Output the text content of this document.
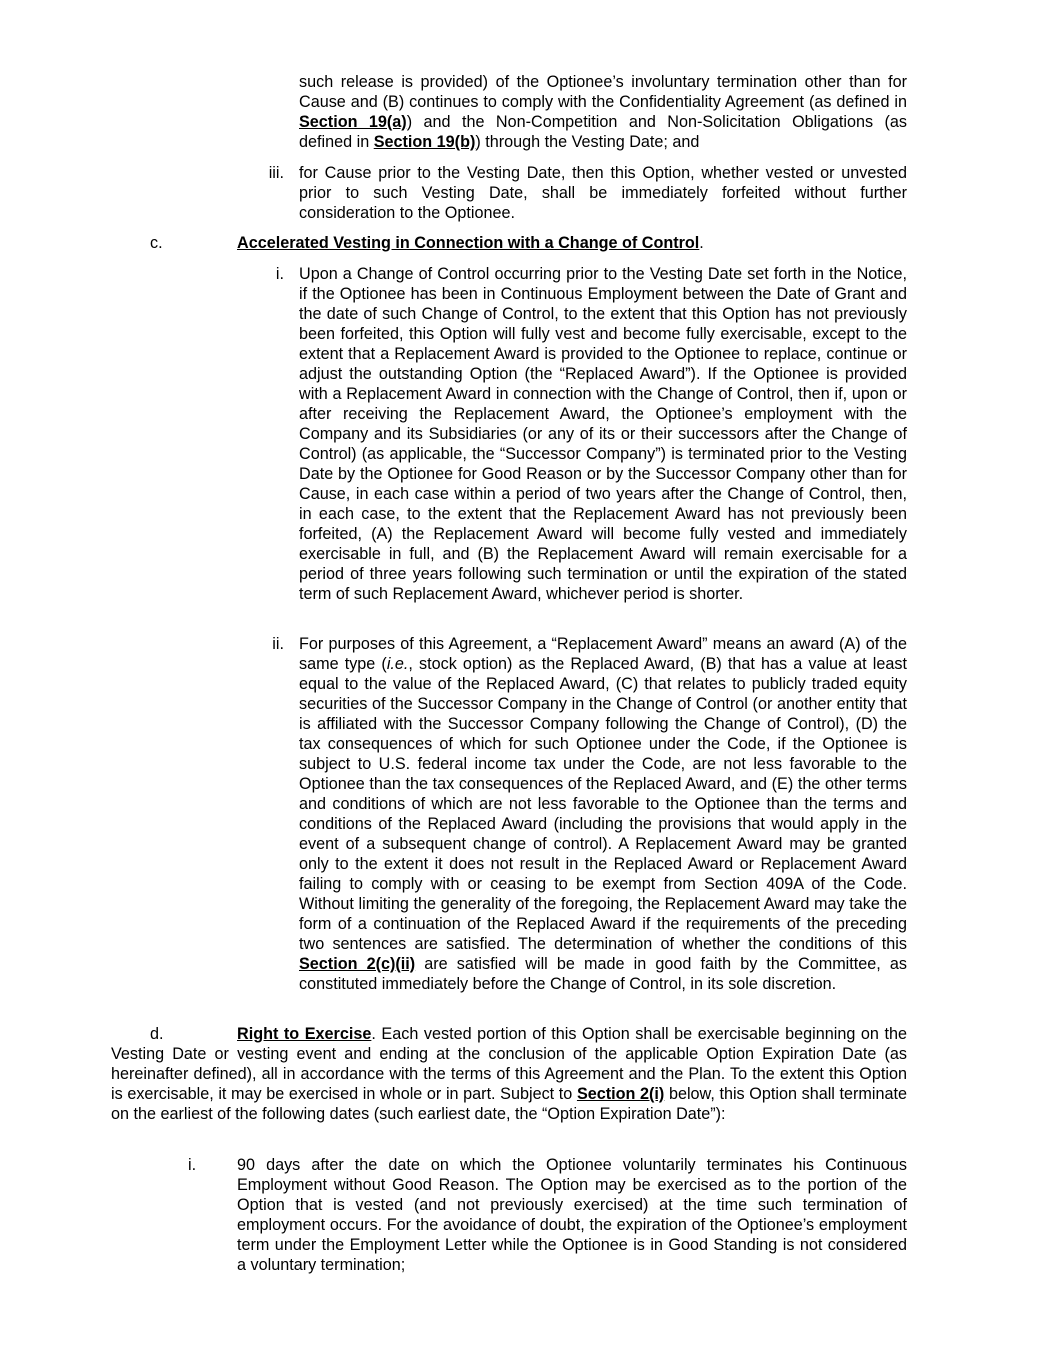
such release is provided) of the Optionee’s involuntary termination other than for Cause and (B) continues to comply with the Confidentiality Agreement (as defined in Section 19(a)) and the Non-Competition and Non-Solicitation Obligations (as defined in Section 19(b)) through the Vesting Date; and

iii. for Cause prior to the Vesting Date, then this Option, whether vested or unvested prior to such Vesting Date, shall be immediately forfeited without further consideration to the Optionee.

c.	Accelerated Vesting in Connection with a Change of Control.

i. Upon a Change of Control occurring prior to the Vesting Date set forth in the Notice, if the Optionee has been in Continuous Employment between the Date of Grant and the date of such Change of Control, to the extent that this Option has not previously been forfeited, this Option will fully vest and become fully exercisable, except to the extent that a Replacement Award is provided to the Optionee to replace, continue or adjust the outstanding Option (the “Replaced Award”). If the Optionee is provided with a Replacement Award in connection with the Change of Control, then if, upon or after receiving the Replacement Award, the Optionee’s employment with the Company and its Subsidiaries (or any of its or their successors after the Change of Control) (as applicable, the “Successor Company”) is terminated prior to the Vesting Date by the Optionee for Good Reason or by the Successor Company other than for Cause, in each case within a period of two years after the Change of Control, then, in each case, to the extent that the Replacement Award has not previously been forfeited, (A) the Replacement Award will become fully vested and immediately exercisable in full, and (B) the Replacement Award will remain exercisable for a period of three years following such termination or until the expiration of the stated term of such Replacement Award, whichever period is shorter.

ii. For purposes of this Agreement, a “Replacement Award” means an award (A) of the same type (i.e., stock option) as the Replaced Award, (B) that has a value at least equal to the value of the Replaced Award, (C) that relates to publicly traded equity securities of the Successor Company in the Change of Control (or another entity that is affiliated with the Successor Company following the Change of Control), (D) the tax consequences of which for such Optionee under the Code, if the Optionee is subject to U.S. federal income tax under the Code, are not less favorable to the Optionee than the tax consequences of the Replaced Award, and (E) the other terms and conditions of which are not less favorable to the Optionee than the terms and conditions of the Replaced Award (including the provisions that would apply in the event of a subsequent change of control). A Replacement Award may be granted only to the extent it does not result in the Replaced Award or Replacement Award failing to comply with or ceasing to be exempt from Section 409A of the Code. Without limiting the generality of the foregoing, the Replacement Award may take the form of a continuation of the Replaced Award if the requirements of the preceding two sentences are satisfied. The determination of whether the conditions of this Section 2(c)(ii) are satisfied will be made in good faith by the Committee, as constituted immediately before the Change of Control, in its sole discretion.

d.	Right to Exercise. Each vested portion of this Option shall be exercisable beginning on the Vesting Date or vesting event and ending at the conclusion of the applicable Option Expiration Date (as hereinafter defined), all in accordance with the terms of this Agreement and the Plan. To the extent this Option is exercisable, it may be exercised in whole or in part. Subject to Section 2(i) below, this Option shall terminate on the earliest of the following dates (such earliest date, the “Option Expiration Date”):

i.	90 days after the date on which the Optionee voluntarily terminates his Continuous Employment without Good Reason. The Option may be exercised as to the portion of the Option that is vested (and not previously exercised) at the time such termination of employment occurs. For the avoidance of doubt, the expiration of the Optionee’s employment term under the Employment Letter while the Optionee is in Good Standing is not considered a voluntary termination;
